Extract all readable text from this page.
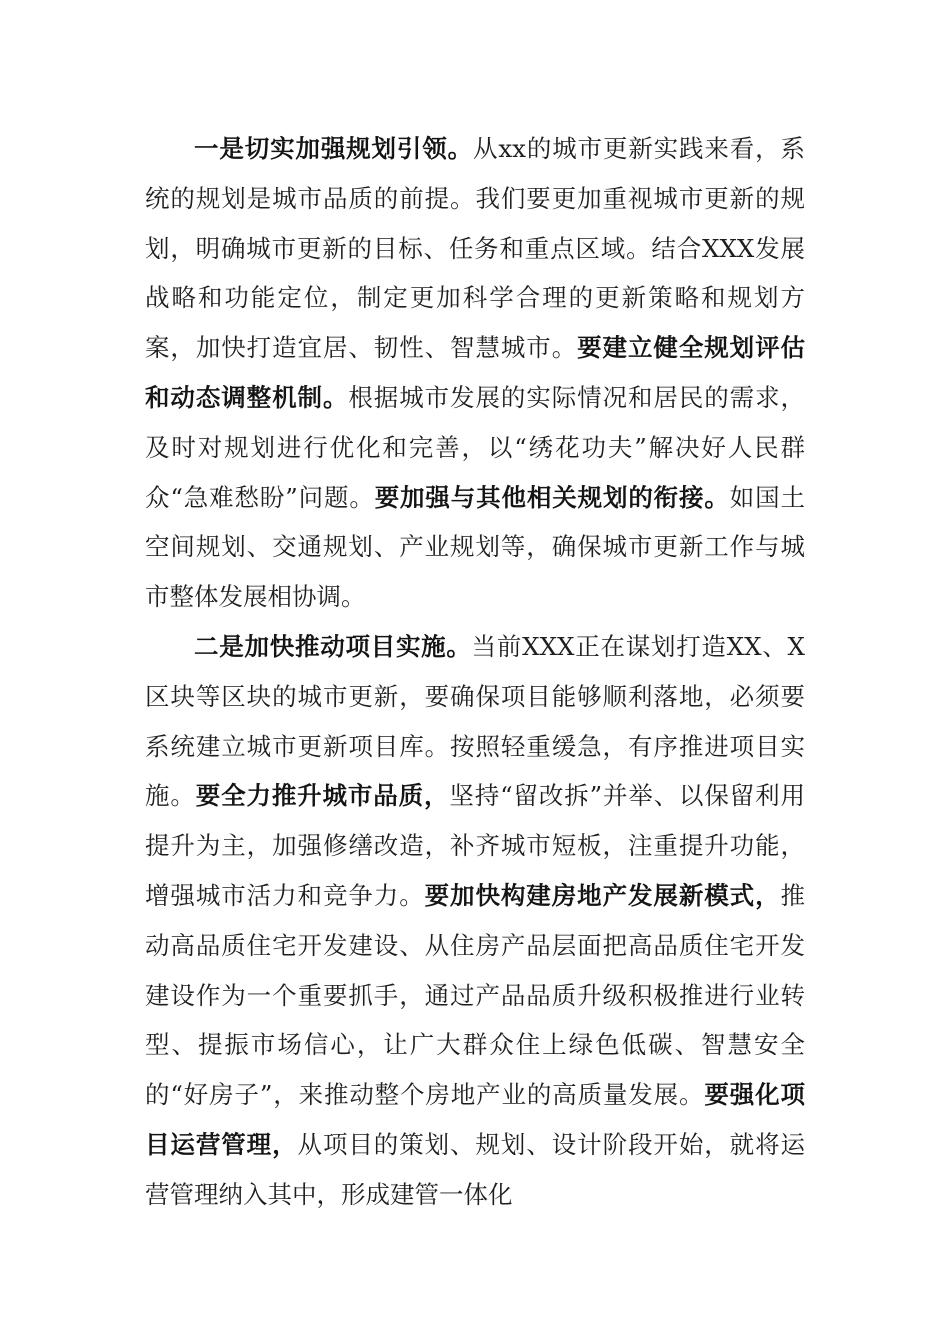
一是切实加强规划引领。从xx的城市更新实践来看，系统的规划是城市品质的前提。我们要更加重视城市更新的规划，明确城市更新的目标、任务和重点区域。结合XXX发展战略和功能定位，制定更加科学合理的更新策略和规划方案，加快打造宜居、韧性、智慧城市。要建立健全规划评估和动态调整机制。根据城市发展的实际情况和居民的需求，及时对规划进行优化和完善，以“绣花功夫”解决好人民群众“急难愁盼”问题。要加强与其他相关规划的衔接。如国土空间规划、交通规划、产业规划等，确保城市更新工作与城市整体发展相协调。

二是加快推动项目实施。当前XXX正在谋划打造XX、X区块等区块的城市更新，要确保项目能够顺利落地，必须要系统建立城市更新项目库。按照轻重缓急，有序推进项目实施。要全力推升城市品质，坚持“留改拆”并举、以保留利用提升为主，加强修缮改造，补齐城市短板，注重提升功能，增强城市活力和竞争力。要加快构建房地产发展新模式，推动高品质住宅开发建设、从住房产品层面把高品质住宅开发建设作为一个重要抓手，通过产品品质升级积极推进行业转型、提振市场信心，让广大群众住上绿色低碳、智慧安全的“好房子”，来推动整个房地产业的高质量发展。要强化项目运营管理，从项目的策划、规划、设计阶段开始，就将运营管理纳入其中，形成建管一体化
